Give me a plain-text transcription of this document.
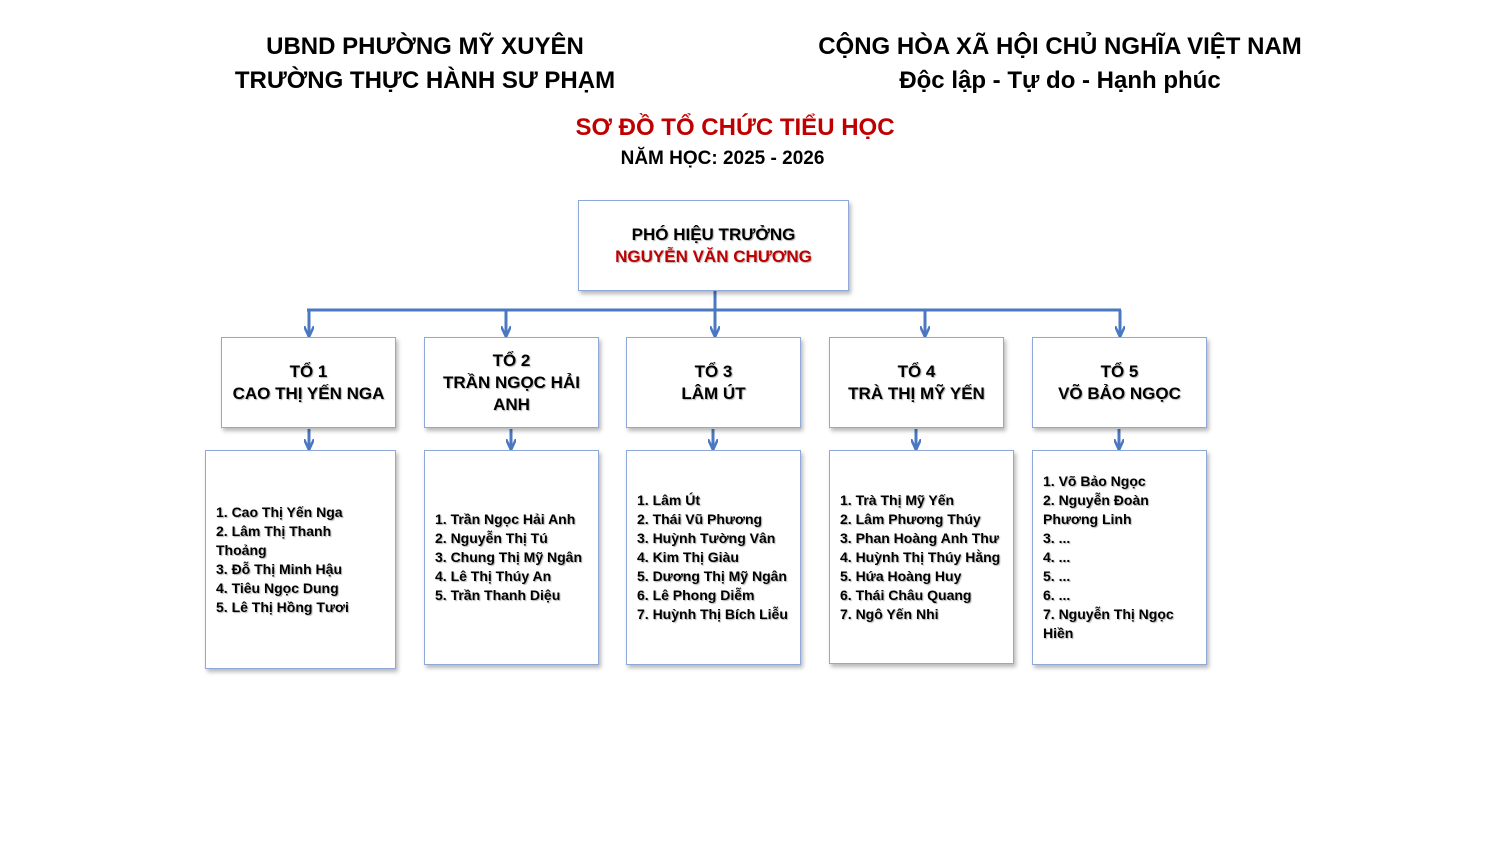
UBND PHƯỜNG MỸ XUYÊN
TRƯỜNG THỰC HÀNH SƯ PHẠM
CỘNG HÒA XÃ HỘI CHỦ NGHĨA VIỆT NAM
Độc lập - Tự do - Hạnh phúc
SƠ ĐỒ TỔ CHỨC TIỂU HỌC
NĂM HỌC: 2025 - 2026
PHÓ HIỆU TRƯỞNG
NGUYỄN VĂN CHƯƠNG
TỔ 1
CAO THỊ YẾN NGA
TỔ 2
TRẦN NGỌC HẢI ANH
TỔ 3
LÂM ÚT
TỔ 4
TRÀ THỊ MỸ YẾN
TỔ 5
VÕ BẢO NGỌC
1. Cao Thị Yến Nga
2. Lâm Thị Thanh Thoảng
3. Đỗ Thị Minh Hậu
4. Tiêu Ngọc Dung
5. Lê Thị Hồng Tươi
1. Trần Ngọc Hải Anh
2. Nguyễn Thị Tú
3. Chung Thị Mỹ Ngân
4. Lê Thị Thúy An
5. Trần Thanh Diệu
1. Lâm Út
2. Thái Vũ Phương
3. Huỳnh Tường Vân
4. Kim Thị Giàu
5. Dương Thị Mỹ Ngân
6. Lê Phong Diễm
7. Huỳnh Thị Bích Liễu
1. Trà Thị Mỹ Yến
2. Lâm Phương Thúy
3. Phan Hoàng Anh Thư
4. Huỳnh Thị Thúy Hằng
5. Hứa Hoàng Huy
6. Thái Châu Quang
7. Ngô Yến Nhi
1. Võ Bảo Ngọc
2. Nguyễn Đoàn Phương Linh
3. ...
4. ...
5. ...
6. ...
7. Nguyễn Thị Ngọc Hiền
